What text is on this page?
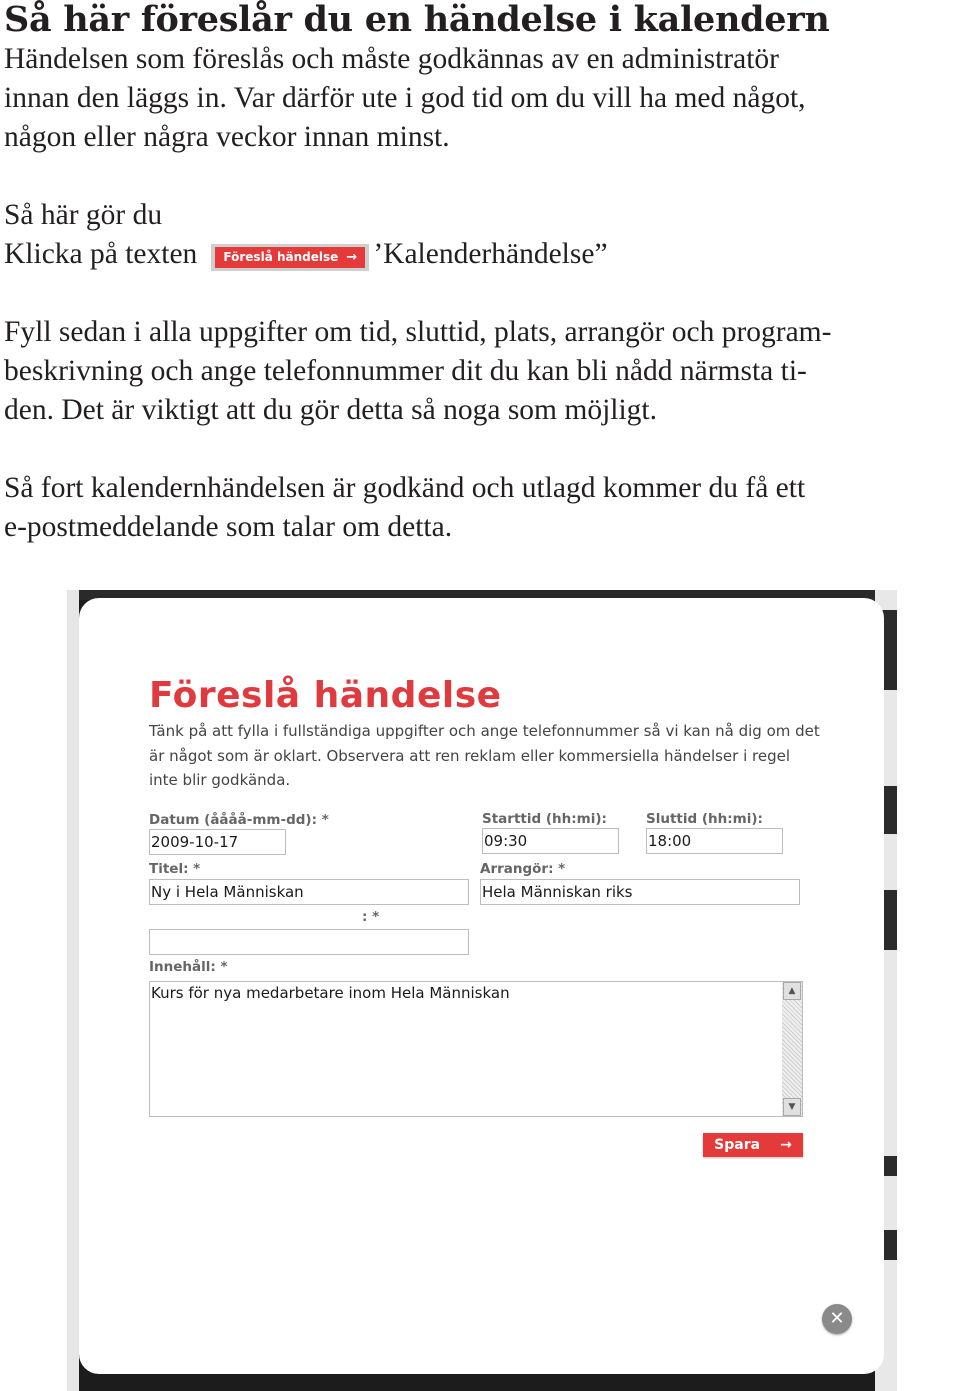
Så här föreslår du en händelse i kalendern
Händelsen som föreslås och måste godkännas av en administratör
innan den läggs in. Var därför ute i god tid om du vill ha med något,
någon eller några veckor innan minst.
Så här gör du
Klicka på texten Föreslå händelse → ’Kalenderhändelse”
Fyll sedan i alla uppgifter om tid, sluttid, plats, arrangör och program-
beskrivning och ange telefonnummer dit du kan bli nådd närmsta ti-
den. Det är viktigt att du gör detta så noga som möjligt.
Så fort kalendernhändelsen är godkänd och utlagd kommer du få ett
e-postmeddelande som talar om detta.
Föreslå händelse
Tänk på att fylla i fullständiga uppgifter och ange telefonnummer så vi kan nå dig om det
är något som är oklart. Observera att ren reklam eller kommersiella händelser i regel
inte blir godkända.
Datum (åååå-mm-dd): *
2009-10-17
Starttid (hh:mi):
09:30
Sluttid (hh:mi):
18:00
Titel: *
Ny i Hela Människan
Arrangör: *
Hela Människan riks
: *
Innehåll: *
Kurs för nya medarbetare inom Hela Människan	▲
▼
Spara →
✕
